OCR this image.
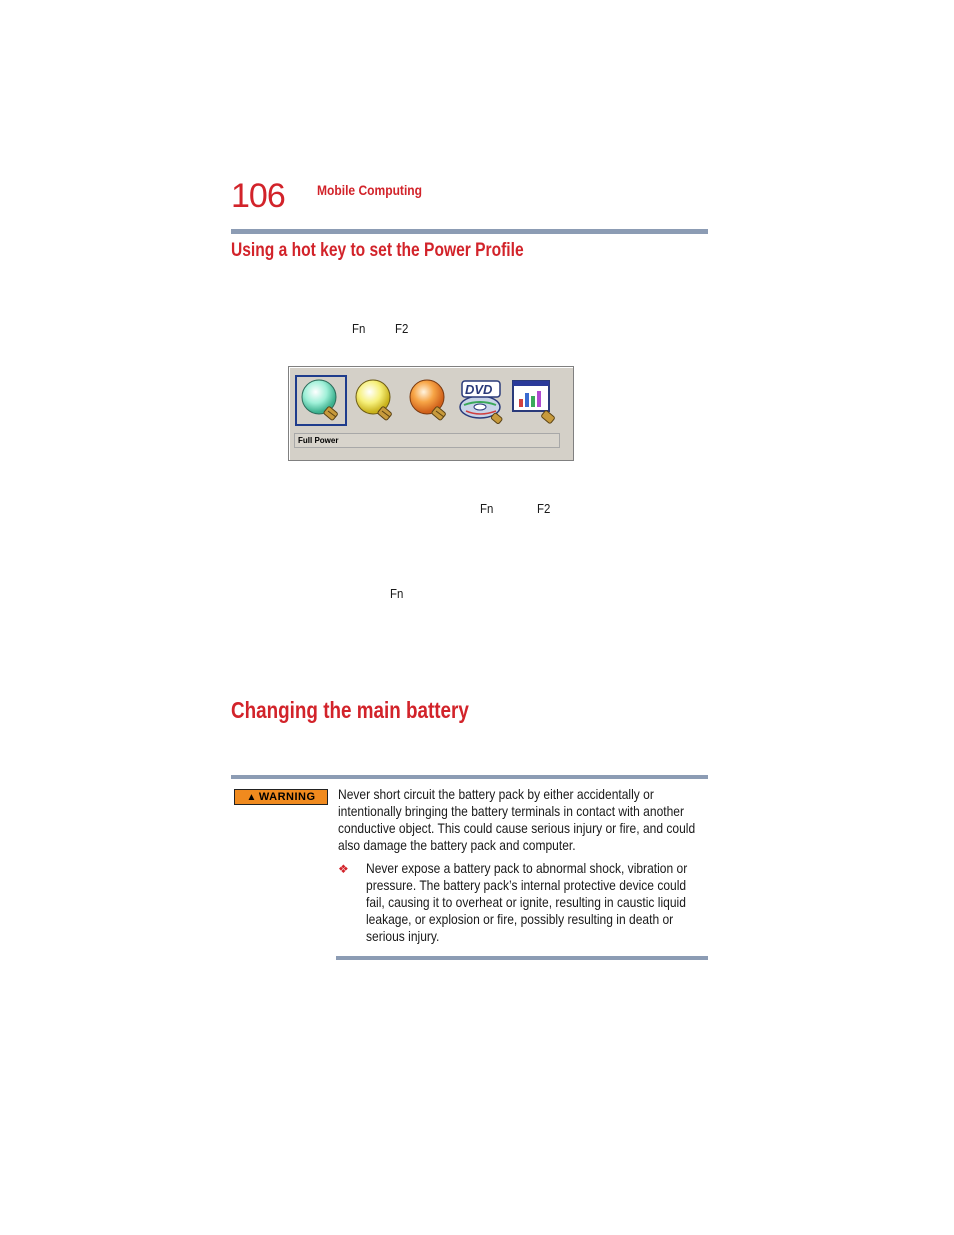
106 Mobile Computing
Using a hot key to set the Power Profile
Fn F2
DVD
Full Power
Fn	F2
Fn
Changing the main battery
▲ WARNING Never short circuit the battery pack by either accidentally or
intentionally bringing the battery terminals in contact with another
conductive object. This could cause serious injury or fire, and could
also damage the battery pack and computer.
❖ Never expose a battery pack to abnormal shock, vibration or
pressure. The battery pack’s internal protective device could
fail, causing it to overheat or ignite, resulting in caustic liquid
leakage, or explosion or fire, possibly resulting in death or
serious injury.
